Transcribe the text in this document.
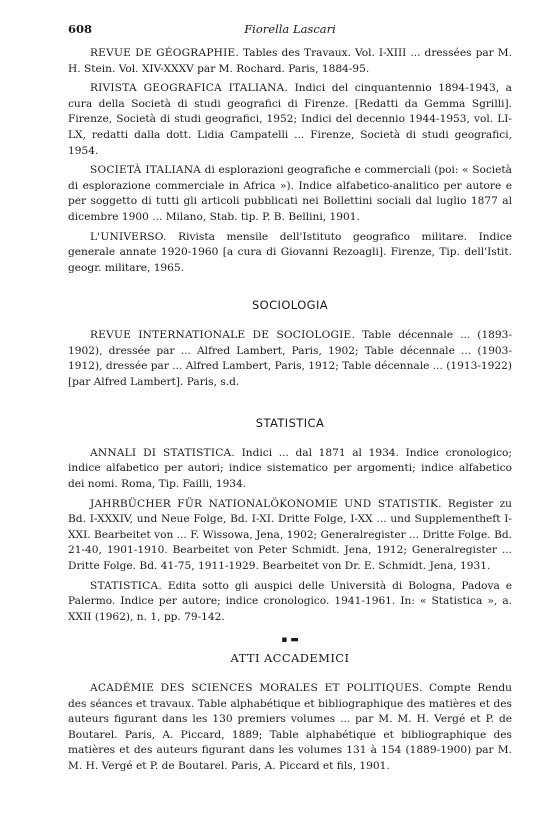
608	Fiorella Lascari

REVUE DE GÉOGRAPHIE. Tables des Travaux. Vol. I-XIII ... dressées par M. H. Stein. Vol. XIV-XXXV par M. Rochard. Paris, 1884-95.

RIVISTA GEOGRAFICA ITALIANA. Indici del cinquantennio 1894-1943, a cura della Società di studi geografici di Firenze. [Redatti da Gemma Sgrilli]. Firenze, Società di studi geografici, 1952; Indici del decennio 1944-1953, vol. LI-LX, redatti dalla dott. Lidia Campatelli ... Firenze, Società di studi geografici, 1954.

SOCIETÀ ITALIANA di esplorazioni geografiche e commerciali (poi: « Società di esplorazione commerciale in Africa »). Indice alfabetico-analitico per autore e per soggetto di tutti gli articoli pubblicati nei Bollettini sociali dal luglio 1877 al dicembre 1900 ... Milano, Stab. tip. P. B. Bellini, 1901.

L'UNIVERSO. Rivista mensile dell'Istituto geografico militare. Indice generale annate 1920-1960 [a cura di Giovanni Rezoagli]. Firenze, Tip. dell'Istit. geogr. militare, 1965.

SOCIOLOGIA

REVUE INTERNATIONALE DE SOCIOLOGIE. Table décennale ... (1893-1902), dressée par ... Alfred Lambert, Paris, 1902; Table décennale ... (1903-1912), dressée par ... Alfred Lambert, Paris, 1912; Table décennale ... (1913-1922) [par Alfred Lambert]. Paris, s.d.

STATISTICA

ANNALI DI STATISTICA. Indici ... dal 1871 al 1934. Indice cronologico; indice alfabetico per autori; indice sistematico per argomenti; indice alfabetico dei nomi. Roma, Tip. Failli, 1934.

JAHRBÜCHER FÜR NATIONALÖKONOMIE UND STATISTIK. Register zu Bd. I-XXXIV, und Neue Folge, Bd. I-XI. Dritte Folge, I-XX ... und Supplementheft I-XXI. Bearbeitet von ... F. Wissowa, Jena, 1902; Generalregister ... Dritte Folge. Bd. 21-40, 1901-1910. Bearbeitet von Peter Schmidt. Jena, 1912; Generalregister ... Dritte Folge. Bd. 41-75, 1911-1929. Bearbeitet von Dr. E. Schmidt. Jena, 1931.

STATISTICA. Edita sotto gli auspici delle Università di Bologna, Padova e Palermo. Indice per autore; indice cronologico. 1941-1961. In: « Statistica », a. XXII (1962), n. 1, pp. 79-142.

▪ ▬
ATTI ACCADEMICI

ACADÉMIE DES SCIENCES MORALES ET POLITIQUES. Compte Rendu des séances et travaux. Table alphabétique et bibliographique des matières et des auteurs figurant dans les 130 premiers volumes ... par M. M. H. Vergé et P. de Boutarel. Paris, A. Piccard, 1889; Table alphabétique et bibliographique des matières et des auteurs figurant dans les volumes 131 à 154 (1889-1900) par M. M. H. Vergé et P. de Boutarel. Paris, A. Piccard et fils, 1901.
